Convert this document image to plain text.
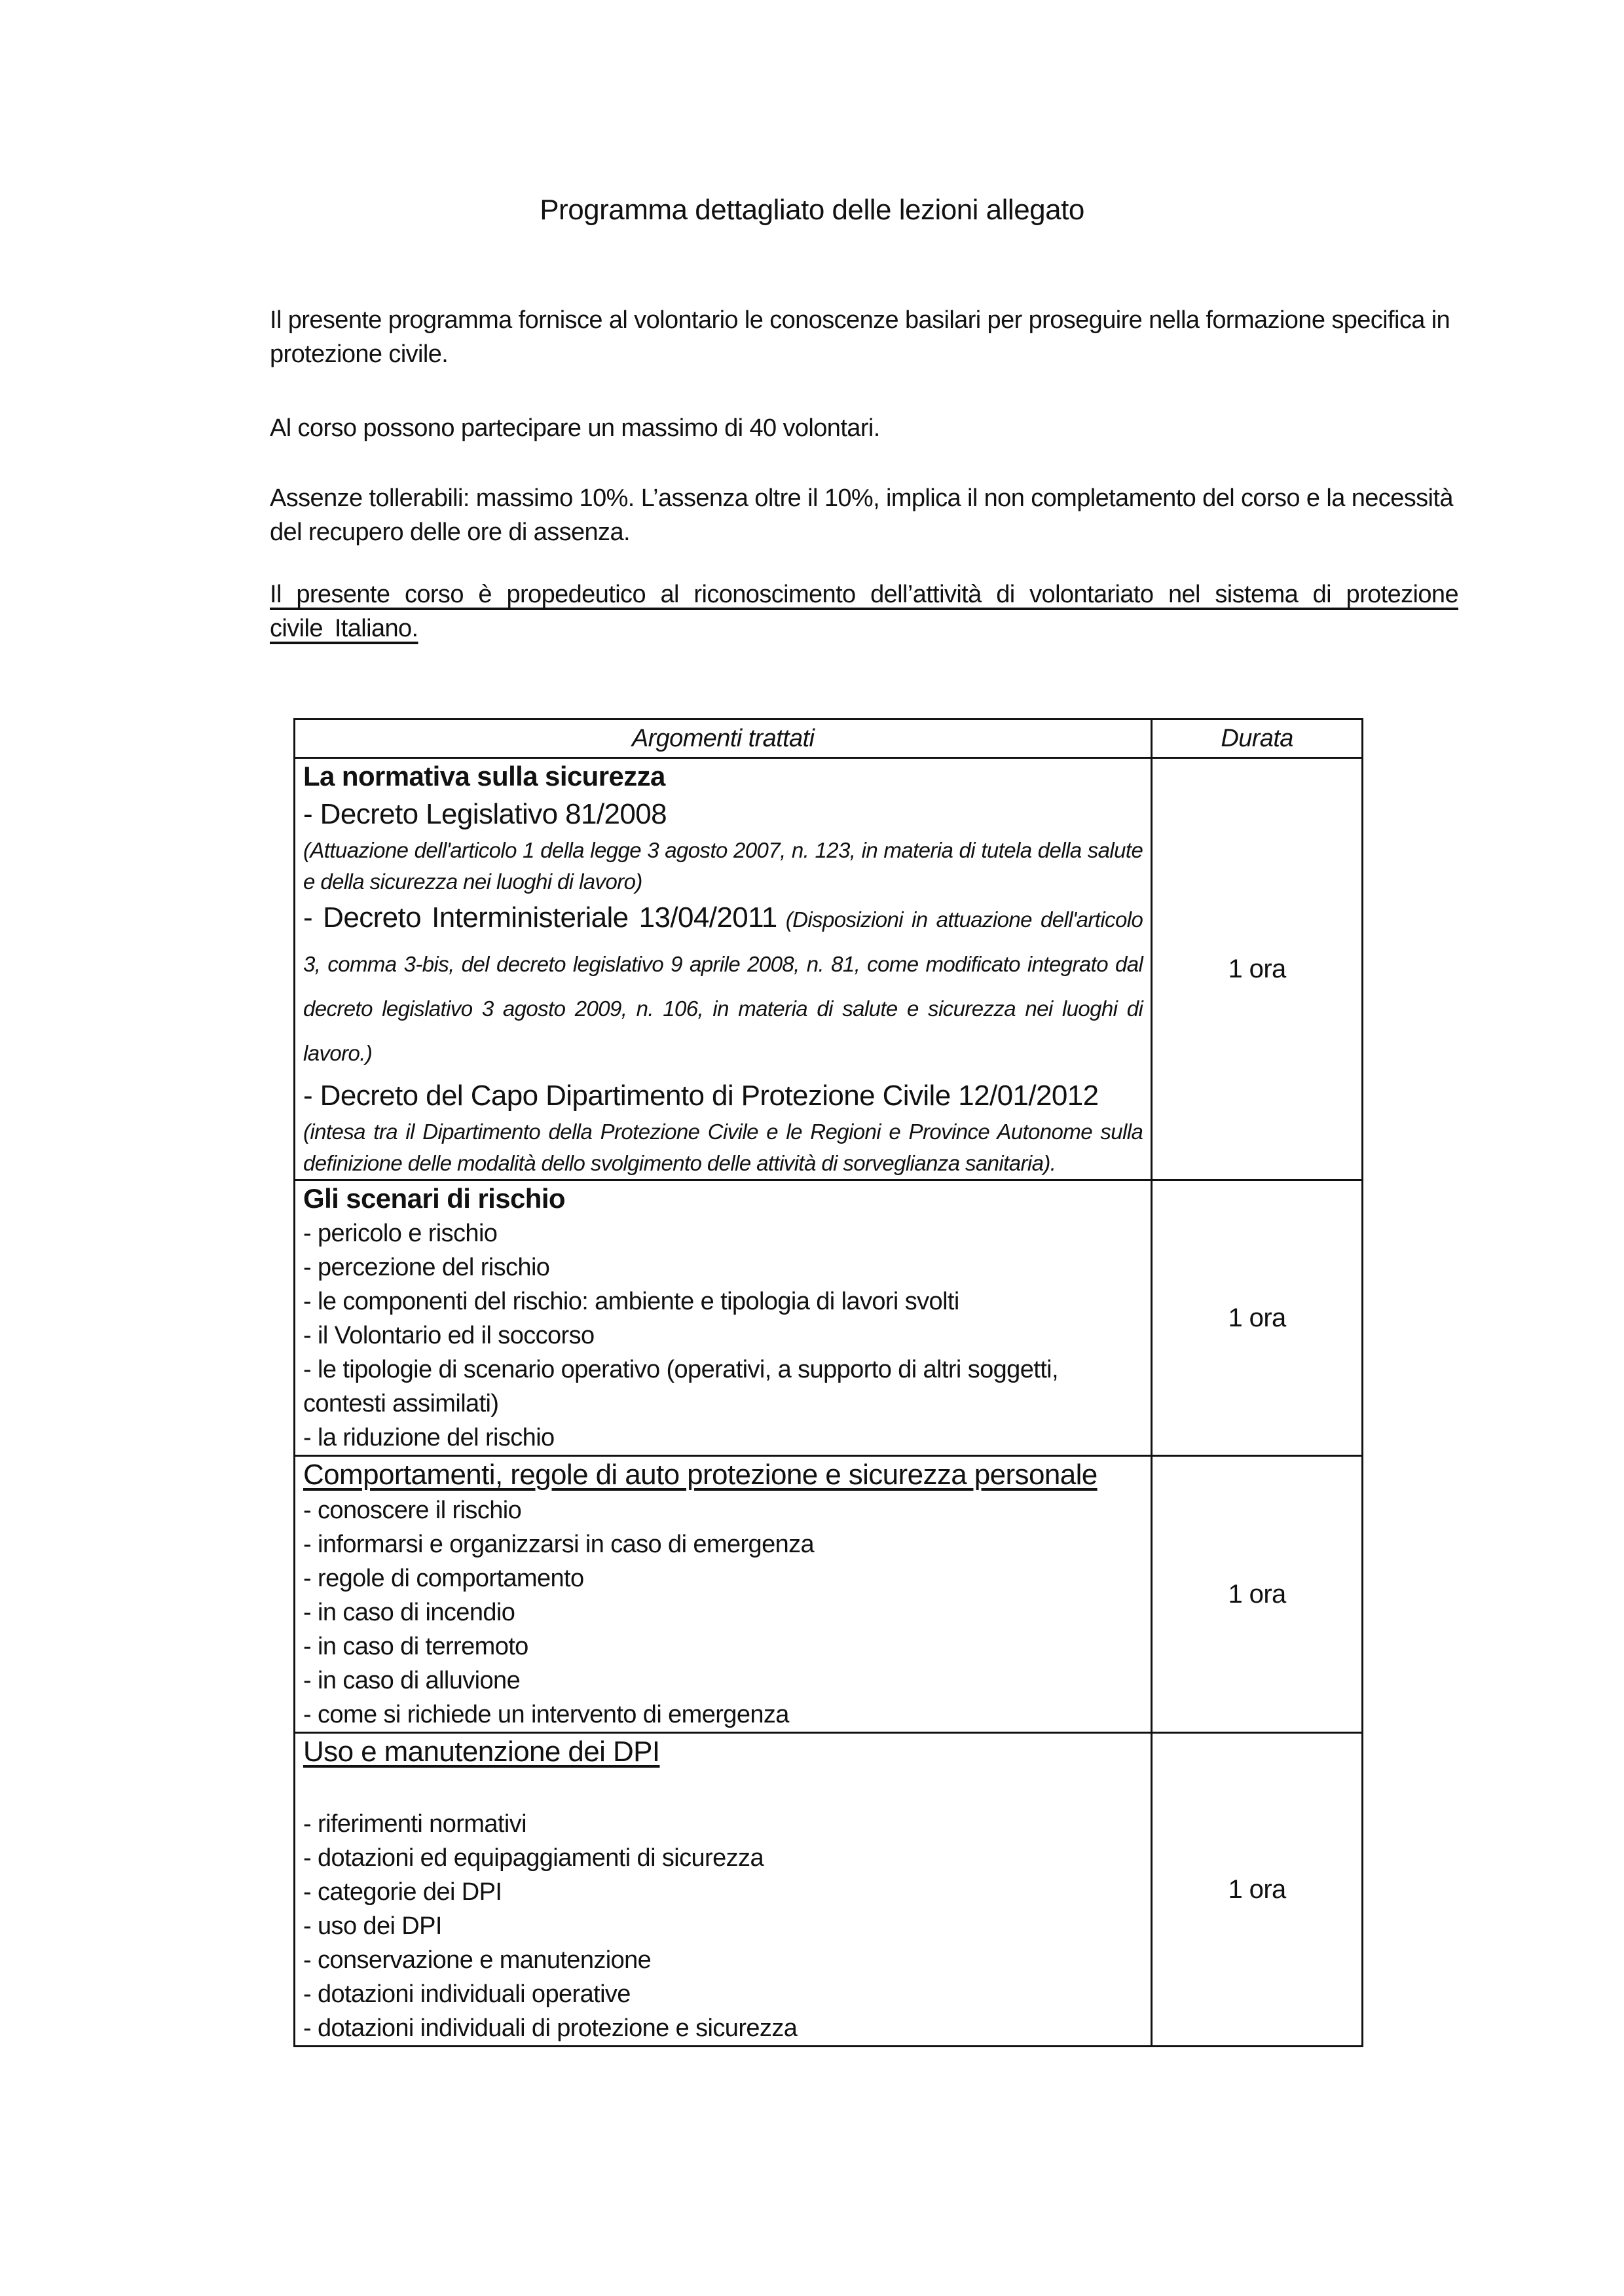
Programma dettagliato delle lezioni allegato

Il presente programma fornisce al volontario le conoscenze basilari per proseguire nella formazione specifica in protezione civile.

Al corso possono partecipare un massimo di 40 volontari.

Assenze tollerabili: massimo 10%. L’assenza oltre il 10%, implica il non completamento del corso e la necessità del recupero delle ore di assenza.

Il presente corso è propedeutico al riconoscimento dell’attività di volontariato nel sistema di protezione civile Italiano.

Argomenti trattati	Durata

La normativa sulla sicurezza
- Decreto Legislativo 81/2008
(Attuazione dell'articolo 1 della legge 3 agosto 2007, n. 123, in materia di tutela della salute e della sicurezza nei luoghi di lavoro)
- Decreto Interministeriale 13/04/2011 (Disposizioni in attuazione dell'articolo 3, comma 3-bis, del decreto legislativo 9 aprile 2008, n. 81, come modificato integrato dal decreto legislativo 3 agosto 2009, n. 106, in materia di salute e sicurezza nei luoghi di lavoro.)
- Decreto del Capo Dipartimento di Protezione Civile 12/01/2012
(intesa tra il Dipartimento della Protezione Civile e le Regioni e Province Autonome sulla definizione delle modalità dello svolgimento delle attività di sorveglianza sanitaria).
	1 ora

Gli scenari di rischio
- pericolo e rischio
- percezione del rischio
- le componenti del rischio: ambiente e tipologia di lavori svolti
- il Volontario ed il soccorso
- le tipologie di scenario operativo (operativi, a supporto di altri soggetti, contesti assimilati)
- la riduzione del rischio
	1 ora

Comportamenti, regole di auto protezione e sicurezza personale
- conoscere il rischio
- informarsi e organizzarsi in caso di emergenza
- regole di comportamento
- in caso di incendio
- in caso di terremoto
- in caso di alluvione
- come si richiede un intervento di emergenza
	1 ora

Uso e manutenzione dei DPI
- riferimenti normativi
- dotazioni ed equipaggiamenti di sicurezza
- categorie dei DPI
- uso dei DPI
- conservazione e manutenzione
- dotazioni individuali operative
- dotazioni individuali di protezione e sicurezza
	1 ora
